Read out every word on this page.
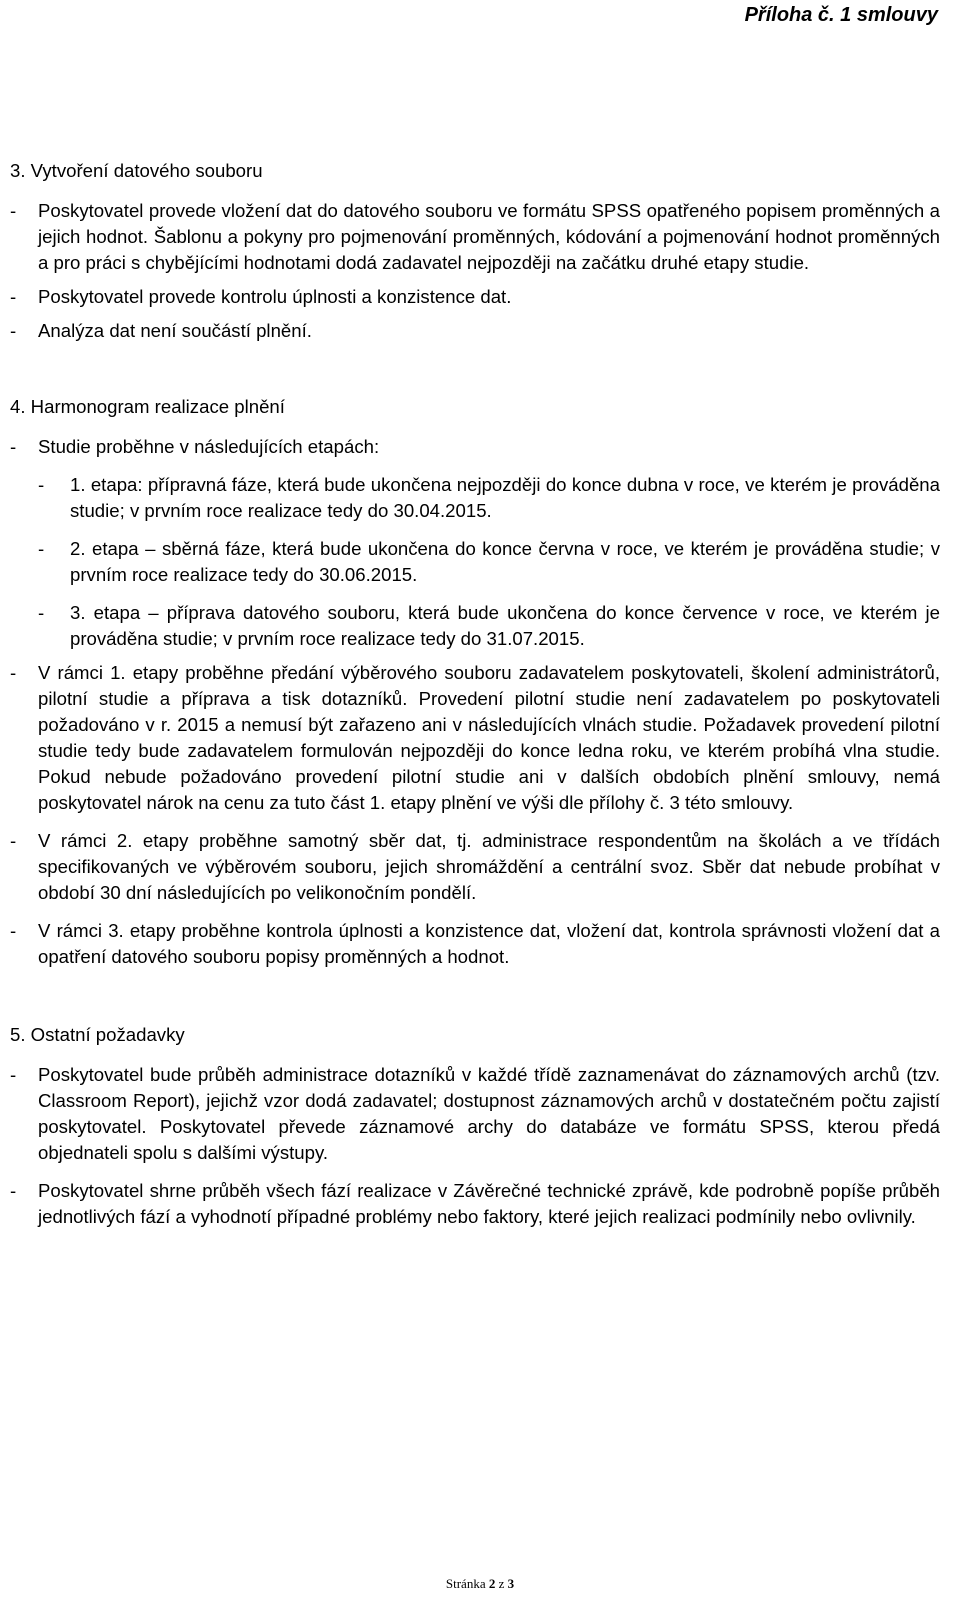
Příloha č. 1 smlouvy

3. Vytvoření datového souboru

-	Poskytovatel provede vložení dat do datového souboru ve formátu SPSS opatřeného popisem proměnných a jejich hodnot. Šablonu a pokyny pro pojmenování proměnných, kódování a pojmenování hodnot proměnných a pro práci s chybějícími hodnotami dodá zadavatel nejpozději na začátku druhé etapy studie.
-	Poskytovatel provede kontrolu úplnosti a konzistence dat.
-	Analýza dat není součástí plnění.

4. Harmonogram realizace plnění

-	Studie proběhne v následujících etapách:
-	1. etapa: přípravná fáze, která bude ukončena nejpozději do konce dubna v roce, ve kterém je prováděna studie; v prvním roce realizace tedy do 30.04.2015.
-	2. etapa – sběrná fáze, která bude ukončena do konce června v roce, ve kterém je prováděna studie; v prvním roce realizace tedy do 30.06.2015.
-	3. etapa – příprava datového souboru, která bude ukončena do konce července v roce, ve kterém je prováděna studie; v prvním roce realizace tedy do 31.07.2015.
-	V rámci 1. etapy proběhne předání výběrového souboru zadavatelem poskytovateli, školení administrátorů, pilotní studie a příprava a tisk dotazníků. Provedení pilotní studie není zadavatelem po poskytovateli požadováno v r. 2015 a nemusí být zařazeno ani v následujících vlnách studie. Požadavek provedení pilotní studie tedy bude zadavatelem formulován nejpozději do konce ledna roku, ve kterém probíhá vlna studie. Pokud nebude požadováno provedení pilotní studie ani v dalších obdobích plnění smlouvy, nemá poskytovatel nárok na cenu za tuto část 1. etapy plnění ve výši dle přílohy č. 3 této smlouvy.
-	V rámci 2. etapy proběhne samotný sběr dat, tj. administrace respondentům na školách a ve třídách specifikovaných ve výběrovém souboru, jejich shromáždění a centrální svoz. Sběr dat nebude probíhat v období 30 dní následujících po velikonočním pondělí.
-	V rámci 3. etapy proběhne kontrola úplnosti a konzistence dat, vložení dat, kontrola správnosti vložení dat a opatření datového souboru popisy proměnných a hodnot.

5. Ostatní požadavky

-	Poskytovatel bude průběh administrace dotazníků v každé třídě zaznamenávat do záznamových archů (tzv. Classroom Report), jejichž vzor dodá zadavatel; dostupnost záznamových archů v dostatečném počtu zajistí poskytovatel. Poskytovatel převede záznamové archy do databáze ve formátu SPSS, kterou předá objednateli spolu s dalšími výstupy.
-	Poskytovatel shrne průběh všech fází realizace v Závěrečné technické zprávě, kde podrobně popíše průběh jednotlivých fází a vyhodnotí případné problémy nebo faktory, které jejich realizaci podmínily nebo ovlivnily.
Stránka 2 z 3
